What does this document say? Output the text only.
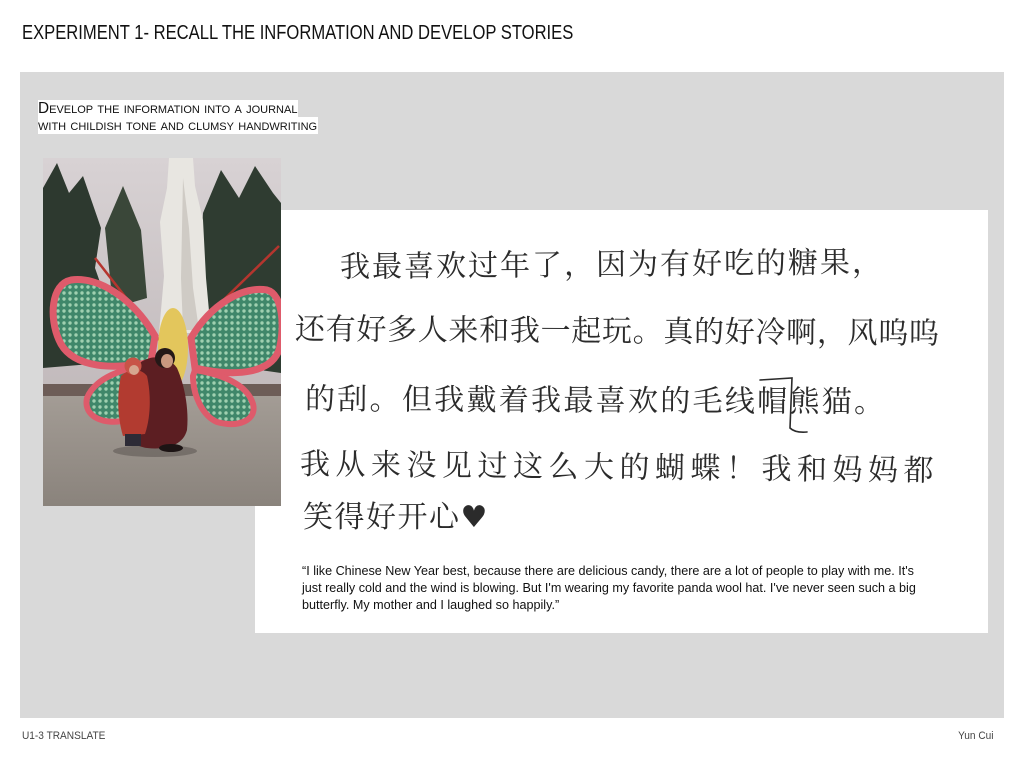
EXPERIMENT 1- RECALL THE INFORMATION AND DEVELOP STORIES
Develop the information into a journal
with childish tone and clumsy handwriting
我最喜欢过年了，因为有好吃的糖果，
还有好多人来和我一起玩。真的好冷啊，风呜呜
的刮。但我戴着我最喜欢的毛线帽熊猫。
我从来没见过这么大的蝴蝶！我和妈妈都
笑得好开心♥
“I like Chinese New Year best, because there are delicious candy, there are a lot of people to play with me. It's
just really cold and the wind is blowing. But I'm wearing my favorite panda wool hat. I've never seen such a big
butterfly. My mother and I laughed so happily.”
U1-3 TRANSLATE	Yun Cui
